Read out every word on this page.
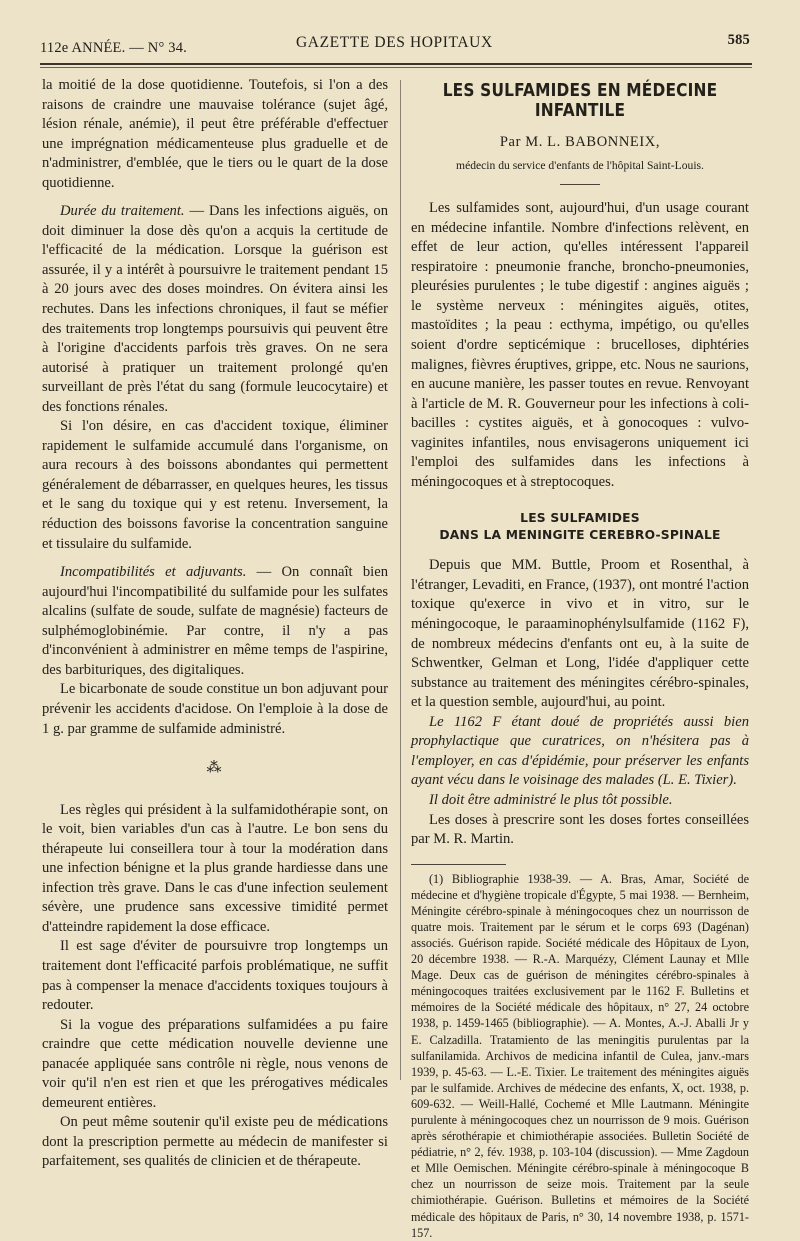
112e ANNÉE. — N° 34.	GAZETTE DES HOPITAUX	585

la moitié de la dose quotidienne. Toutefois, si l'on a des raisons de craindre une mauvaise tolérance (sujet âgé, lésion rénale, anémie), il peut être préférable d'effectuer une imprégnation médicamenteuse plus graduelle et de n'administrer, d'emblée, que le tiers ou le quart de la dose quotidienne.

Durée du traitement. — Dans les infections aiguës, on doit diminuer la dose dès qu'on a acquis la certitude de l'efficacité de la médication. Lorsque la guérison est assurée, il y a intérêt à poursuivre le traitement pendant 15 à 20 jours avec des doses moindres. On évitera ainsi les rechutes. Dans les infections chroniques, il faut se méfier des traitements trop longtemps poursuivis qui peuvent être à l'origine d'accidents parfois très graves. On ne sera autorisé à pratiquer un traitement prolongé qu'en surveillant de près l'état du sang (formule leucocytaire) et des fonctions rénales.

Si l'on désire, en cas d'accident toxique, éliminer rapidement le sulfamide accumulé dans l'organisme, on aura recours à des boissons abondantes qui permettent généralement de débarrasser, en quelques heures, les tissus et le sang du toxique qui y est retenu. Inversement, la réduction des boissons favorise la concentration sanguine et tissulaire du sulfamide.

Incompatibilités et adjuvants. — On connaît bien aujourd'hui l'incompatibilité du sulfamide pour les sulfates alcalins (sulfate de soude, sulfate de magnésie) facteurs de sulphémoglobinémie. Par contre, il n'y a pas d'inconvénient à administrer en même temps de l'aspirine, des barbituriques, des digitaliques.

Le bicarbonate de soude constitue un bon adjuvant pour prévenir les accidents d'acidose. On l'emploie à la dose de 1 g. par gramme de sulfamide administré.

⁂

Les règles qui président à la sulfamidothérapie sont, on le voit, bien variables d'un cas à l'autre. Le bon sens du thérapeute lui conseillera tour à tour la modération dans une infection bénigne et la plus grande hardiesse dans une infection très grave. Dans le cas d'une infection seulement sévère, une prudence sans excessive timidité permet d'atteindre rapidement la dose efficace.

Il est sage d'éviter de poursuivre trop longtemps un traitement dont l'efficacité parfois problématique, ne suffit pas à compenser la menace d'accidents toxiques toujours à redouter.

Si la vogue des préparations sulfamidées a pu faire craindre que cette médication nouvelle devienne une panacée appliquée sans contrôle ni règle, nous venons de voir qu'il n'en est rien et que les prérogatives médicales demeurent entières.

On peut même soutenir qu'il existe peu de médications dont la prescription permette au médecin de manifester si parfaitement, ses qualités de clinicien et de thérapeute.

LES SULFAMIDES EN MÉDECINE INFANTILE
Par M. L. BABONNEIX,
médecin du service d'enfants de l'hôpital Saint-Louis.

Les sulfamides sont, aujourd'hui, d'un usage courant en médecine infantile. Nombre d'infections relèvent, en effet de leur action, qu'elles intéressent l'appareil respiratoire : pneumonie franche, broncho-pneumonies, pleurésies purulentes ; le tube digestif : angines aiguës ; le système nerveux : méningites aiguës, otites, mastoïdites ; la peau : ecthyma, impétigo, ou qu'elles soient d'ordre septicémique : brucelloses, diphtéries malignes, fièvres éruptives, grippe, etc. Nous ne saurions, en aucune manière, les passer toutes en revue. Renvoyant à l'article de M. R. Gouverneur pour les infections à coli-bacilles : cystites aiguës, et à gonocoques : vulvo-vaginites infantiles, nous envisagerons uniquement ici l'emploi des sulfamides dans les infections à méningocoques et à streptocoques.

LES SULFAMIDES
DANS LA MENINGITE CEREBRO-SPINALE

Depuis que MM. Buttle, Proom et Rosenthal, à l'étranger, Levaditi, en France, (1937), ont montré l'action toxique qu'exerce in vivo et in vitro, sur le méningocoque, le paraaminophénylsulfamide (1162 F), de nombreux médecins d'enfants ont eu, à la suite de Schwentker, Gelman et Long, l'idée d'appliquer cette substance au traitement des méningites cérébro-spinales, et la question semble, aujourd'hui, au point.

Le 1162 F étant doué de propriétés aussi bien prophylactique que curatrices, on n'hésitera pas à l'employer, en cas d'épidémie, pour préserver les enfants ayant vécu dans le voisinage des malades (L. E. Tixier).

Il doit être administré le plus tôt possible.

Les doses à prescrire sont les doses fortes conseillées par M. R. Martin.

(1) Bibliographie 1938-39. — A. Bras, Amar, Société de médecine et d'hygiène tropicale d'Égypte, 5 mai 1938. — Bernheim, Méningite cérébro-spinale à méningocoques chez un nourrisson de quatre mois. Traitement par le sérum et le corps 693 (Dagénan) associés. Guérison rapide. Société médicale des Hôpitaux de Lyon, 20 décembre 1938. — R.-A. Marquézy, Clément Launay et Mlle Mage. Deux cas de guérison de méningites cérébro-spinales à méningocoques traitées exclusivement par le 1162 F. Bulletins et mémoires de la Société médicale des hôpitaux, n° 27, 24 octobre 1938, p. 1459-1465 (bibliographie). — A. Montes, A.-J. Aballi Jr y E. Calzadilla. Tratamiento de las meningitis purulentas par la sulfanilamida. Archivos de medicina infantil de Culea, janv.-mars 1939, p. 45-63. — L.-E. Tixier. Le traitement des méningites aiguës par le sulfamide. Archives de médecine des enfants, X, oct. 1938, p. 609-632. — Weill-Hallé, Cochemé et Mlle Lautmann. Méningite purulente à méningocoques chez un nourrisson de 9 mois. Guérison après sérothérapie et chimiothérapie associées. Bulletin Société de pédiatrie, n° 2, fév. 1938, p. 103-104 (discussion). — Mme Zagdoun et Mlle Oemischen. Méningite cérébro-spinale à méningocoque B chez un nourrisson de seize mois. Traitement par la seule chimiothérapie. Guérison. Bulletins et mémoires de la Société médicale des hôpitaux de Paris, n° 30, 14 novembre 1938, p. 1571-157.
